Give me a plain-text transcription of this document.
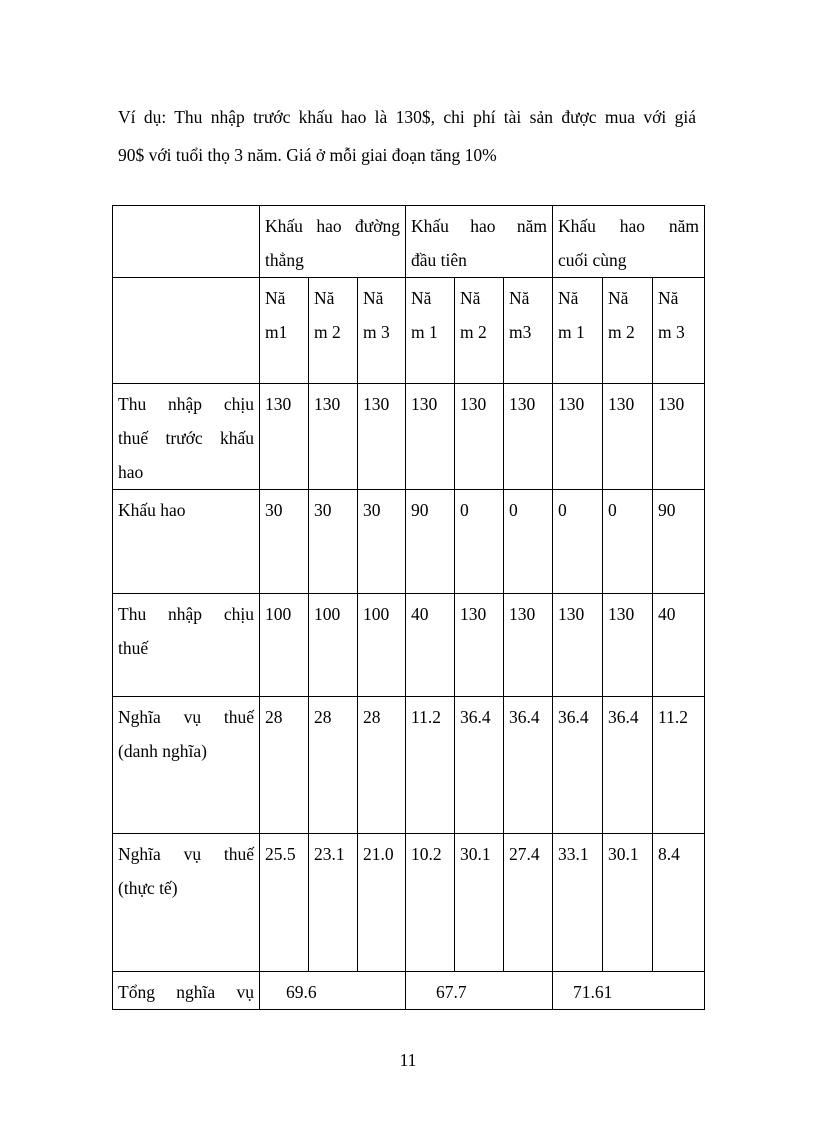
Ví dụ: Thu nhập trước khấu hao là 130$, chi phí tài sản được mua với giá

90$ với tuổi thọ 3 năm. Giá ở mỗi giai đoạn tăng 10%

	Khấu hao đường
thẳng			Khấu hao năm
đầu tiên			Khấu hao năm
cuối cùng		

	Nă
m1	Nă
m 2	Nă
m 3	Nă
m 1	Nă
m 2	Nă
m3	Nă
m 1	Nă
m 2	Nă
m 3

Thu nhập chịu
thuế trước khấu
hao	130	130	130	130	130	130	130	130	130

Khấu hao	30	30	30	90	0	0	0	0	90

Thu nhập chịu
thuế	100	100	100	40	130	130	130	130	40

Nghĩa vụ thuế
(danh nghĩa)	28	28	28	11.2	36.4	36.4	36.4	36.4	11.2

Nghĩa vụ thuế
(thực tế)	25.5	23.1	21.0	10.2	30.1	27.4	33.1	30.1	8.4
Tổng nghĩa vụ	69.6			67.7			71.61		
11
